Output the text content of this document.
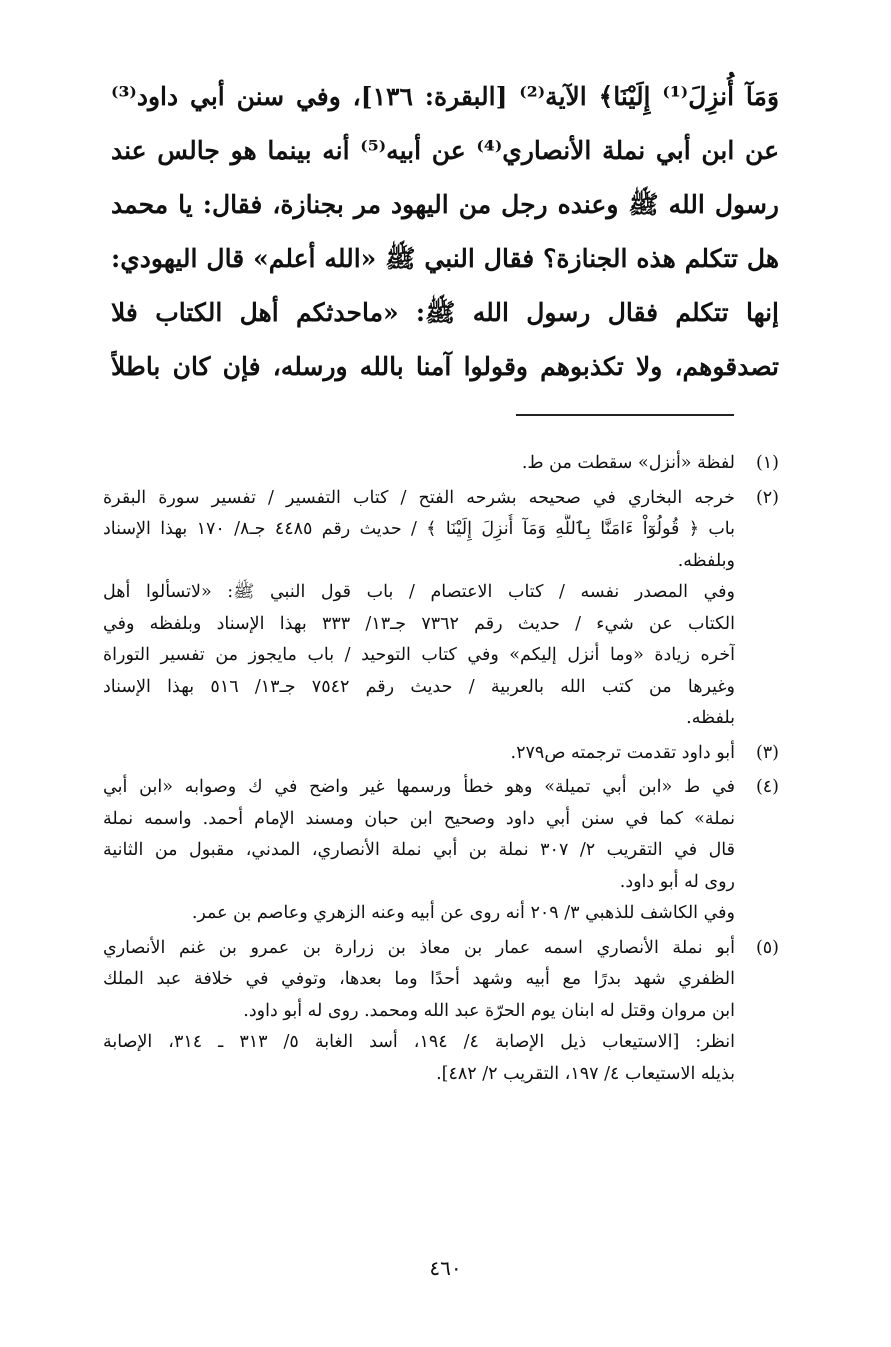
وَمَآ أُنزِلَ⁽¹⁾ إِلَيْنَا﴾ الآية⁽²⁾ [البقرة: ١٣٦]، وفي سنن أبي داود⁽³⁾
عن ابن أبي نملة الأنصاري⁽⁴⁾ عن أبيه⁽⁵⁾ أنه بينما هو جالس عند
رسول الله ﷺ وعنده رجل من اليهود مر بجنازة، فقال: يا محمد
هل تتكلم هذه الجنازة؟ فقال النبي ﷺ «الله أعلم» قال اليهودي:
إنها تتكلم فقال رسول الله ﷺ: «ماحدثكم أهل الكتاب فلا
تصدقوهم، ولا تكذبوهم وقولوا آمنا بالله ورسله، فإن كان باطلاً
(١)
لفظة «أنزل» سقطت من ط.
(٢)
خرجه البخاري في صحيحه بشرحه الفتح / كتاب التفسير / تفسير سورة البقرة
باب ﴿ قُولُوٓاْ ءَامَنَّا بِٱللَّهِ وَمَآ أُنزِلَ إِلَيْنَا ﴾ / حديث رقم ٤٤٨٥ جـ٨/ ١٧٠ بهذا الإسناد
وبلفظه.
وفي المصدر نفسه / كتاب الاعتصام / باب قول النبي ﷺ: «لاتسألوا أهل
الكتاب عن شيء / حديث رقم ٧٣٦٢ جـ١٣/ ٣٣٣ بهذا الإسناد وبلفظه وفي
آخره زيادة «وما أنزل إليكم» وفي كتاب التوحيد / باب مايجوز من تفسير التوراة
وغيرها من كتب الله بالعربية / حديث رقم ٧٥٤٢ جـ١٣/ ٥١٦ بهذا الإسناد
بلفظه.
(٣)
أبو داود تقدمت ترجمته ص٢٧٩.
(٤)
في ط «ابن أبي تميلة» وهو خطأ ورسمها غير واضح في ك وصوابه «ابن أبي
نملة» كما في سنن أبي داود وصحيح ابن حبان ومسند الإمام أحمد. واسمه نملة
قال في التقريب ٢/ ٣٠٧ نملة بن أبي نملة الأنصاري، المدني، مقبول من الثانية
روى له أبو داود.
وفي الكاشف للذهبي ٣/ ٢٠٩ أنه روى عن أبيه وعنه الزهري وعاصم بن عمر.
(٥)
أبو نملة الأنصاري اسمه عمار بن معاذ بن زرارة بن عمرو بن غنم الأنصاري
الظفري شهد بدرًا مع أبيه وشهد أحدًا وما بعدها، وتوفي في خلافة عبد الملك
ابن مروان وقتل له ابنان يوم الحرّة عبد الله ومحمد. روى له أبو داود.
انظر: [الاستيعاب ذيل الإصابة ٤/ ١٩٤، أسد الغابة ٥/ ٣١٣ ـ ٣١٤، الإصابة
بذيله الاستيعاب ٤/ ١٩٧، التقريب ٢/ ٤٨٢].
٤٦٠
